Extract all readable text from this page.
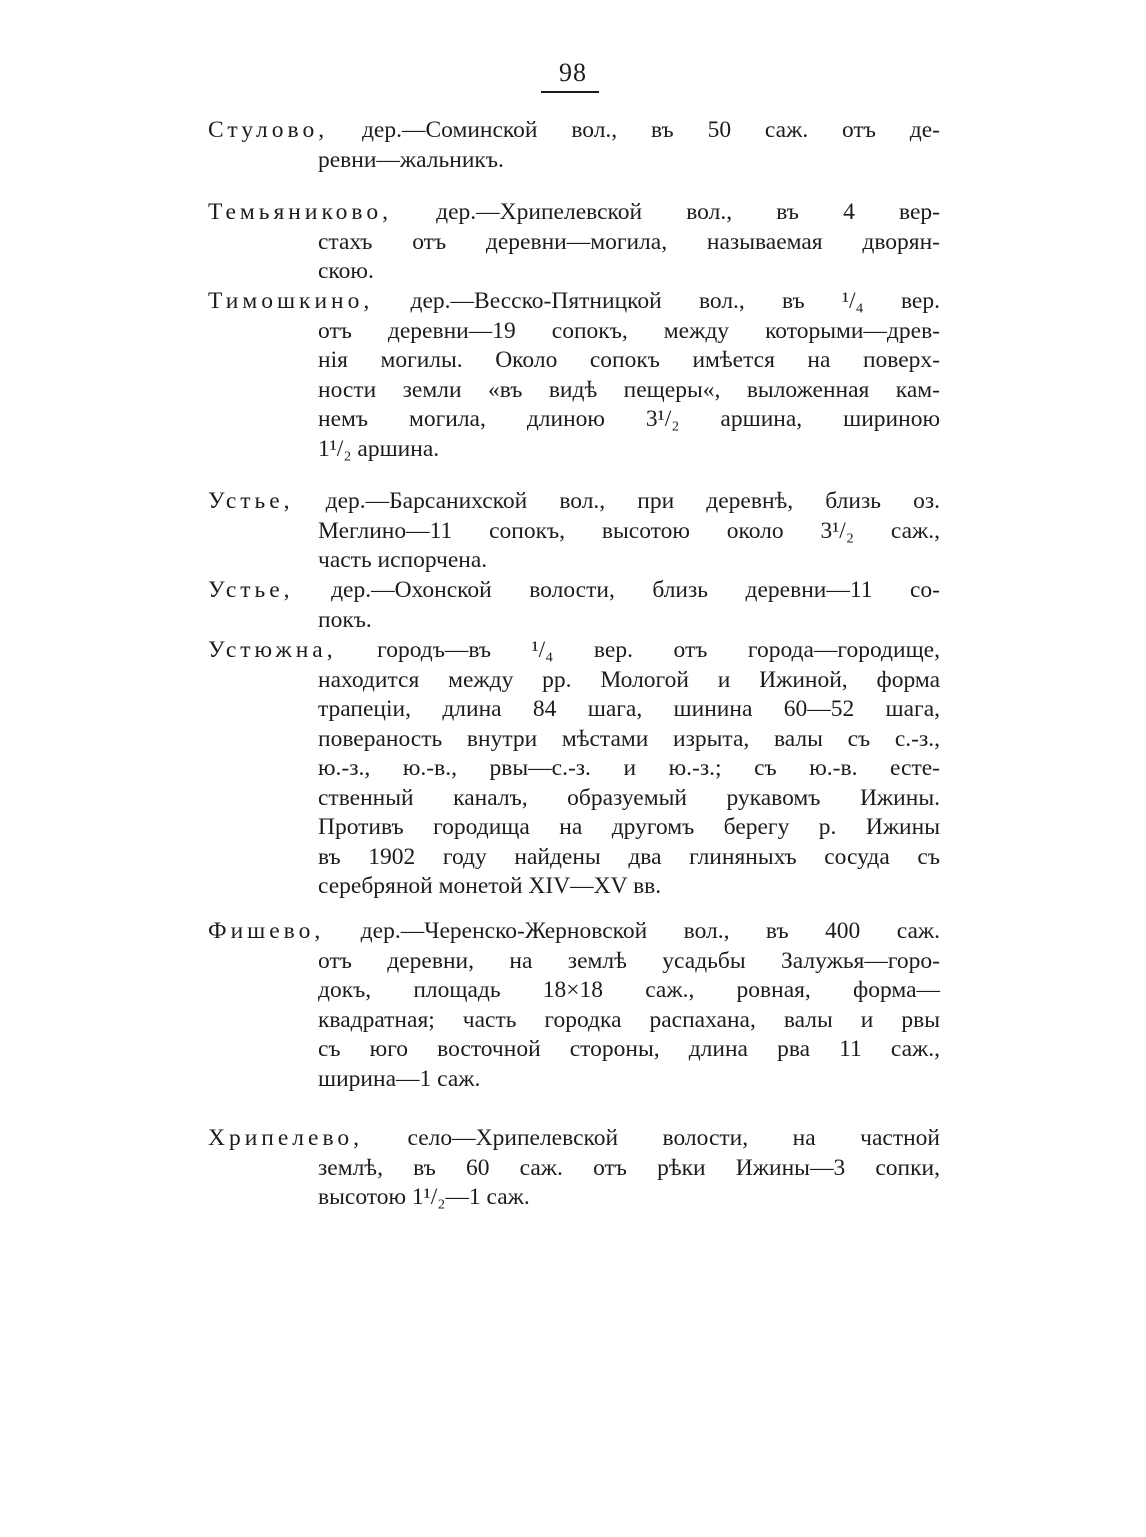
98
Стулово, дер.—Соминской вол., въ 50 саж. отъ де-
ревни—жальникъ.
Темьяниково, дер.—Хрипелевской вол., въ 4 вер-
стахъ отъ деревни—могила, называемая дворян-
скою.
Тимошкино, дер.—Весско-Пятницкой вол., въ ¹/₄ вер.
отъ деревни—19 сопокъ, между которыми—древ-
нія могилы. Около сопокъ имѣется на поверх-
ности земли «въ видѣ пещеры«, выложенная кам-
немъ могила, длиною 3¹/₂ аршина, шириною
1¹/₂ аршина.
Устье, дер.—Барсанихской вол., при деревнѣ, близь оз.
Меглино—11 сопокъ, высотою около 3¹/₂ саж.,
часть испорчена.
Устье, дер.—Охонской волости, близь деревни—11 со-
покъ.
Устюжна, городъ—въ ¹/₄ вер. отъ города—городище,
находится между рр. Мологой и Ижиной, форма
трапеціи, длина 84 шага, шинина 60—52 шага,
повераность внутри мѣстами изрыта, валы съ с.-з.,
ю.-з., ю.-в., рвы—с.-з. и ю.-з.; съ ю.-в. есте-
ственный каналъ, образуемый рукавомъ Ижины.
Противъ городища на другомъ берегу р. Ижины
въ 1902 году найдены два глиняныхъ сосуда съ
серебряной монетой XIV—XV вв.
Фишево, дер.—Черенско-Жерновской вол., въ 400 саж.
отъ деревни, на землѣ усадьбы Залужья—горо-
докъ, площадь 18×18 саж., ровная, форма—
квадратная; часть городка распахана, валы и рвы
съ юго восточной стороны, длина рва 11 саж.,
ширина—1 саж.
Хрипелево, село—Хрипелевской волости, на частной
землѣ, въ 60 саж. отъ рѣки Ижины—3 сопки,
высотою 1¹/₂—1 саж.
